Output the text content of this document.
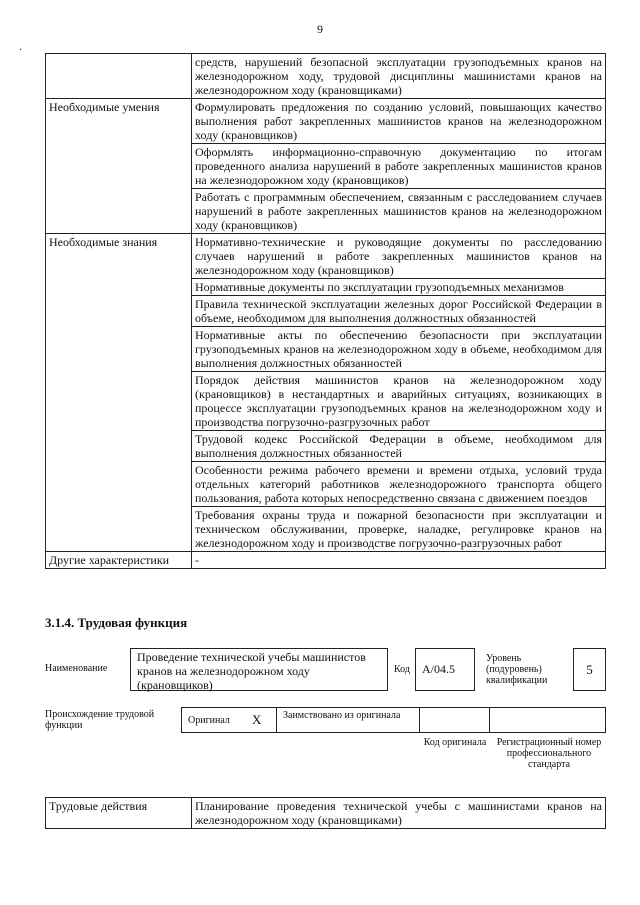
9
·
	средств, нарушений безопасной эксплуатации грузоподъемных кранов на железнодорожном ходу, трудовой дисциплины машинистами кранов на железнодорожном ходу (крановщиками)
Необходимые умения	Формулировать предложения по созданию условий, повышающих качество выполнения работ закрепленных машинистов кранов на железнодорожном ходу (крановщиков)
	Оформлять информационно-справочную документацию по итогам проведенного анализа нарушений в работе закрепленных машинистов кранов на железнодорожном ходу (крановщиков)
	Работать с программным обеспечением, связанным с расследованием случаев нарушений в работе закрепленных машинистов кранов на железнодорожном ходу (крановщиков)
Необходимые знания	Нормативно-технические и руководящие документы по расследованию случаев нарушений в работе закрепленных машинистов кранов на железнодорожном ходу (крановщиков)
	Нормативные документы по эксплуатации грузоподъемных механизмов
	Правила технической эксплуатации железных дорог Российской Федерации в объеме, необходимом для выполнения должностных обязанностей
	Нормативные акты по обеспечению безопасности при эксплуатации грузоподъемных кранов на железнодорожном ходу в объеме, необходимом для выполнения должностных обязанностей
	Порядок действия машинистов кранов на железнодорожном ходу (крановщиков) в нестандартных и аварийных ситуациях, возникающих в процессе эксплуатации грузоподъемных кранов на железнодорожном ходу и производства погрузочно-разгрузочных работ
	Трудовой кодекс Российской Федерации в объеме, необходимом для выполнения должностных обязанностей
	Особенности режима рабочего времени и времени отдыха, условий труда отдельных категорий работников железнодорожного транспорта общего пользования, работа которых непосредственно связана с движением поездов
	Требования охраны труда и пожарной безопасности при эксплуатации и техническом обслуживании, проверке, наладке, регулировке кранов на железнодорожном ходу и производстве погрузочно-разгрузочных работ
Другие характеристики	-
3.1.4. Трудовая функция
Наименование
Проведение технической учебы машинистов кранов на железнодорожном ходу (крановщиков)
Код	A/04.5
Уровень (подуровень) квалификации
5
Происхождение трудовой функции	Оригинал X Заимствовано из оригинала
Код оригинала	Регистрационный номер профессионального стандарта
Трудовые действия	Планирование проведения технической учебы с машинистами кранов на железнодорожном ходу (крановщиками)
